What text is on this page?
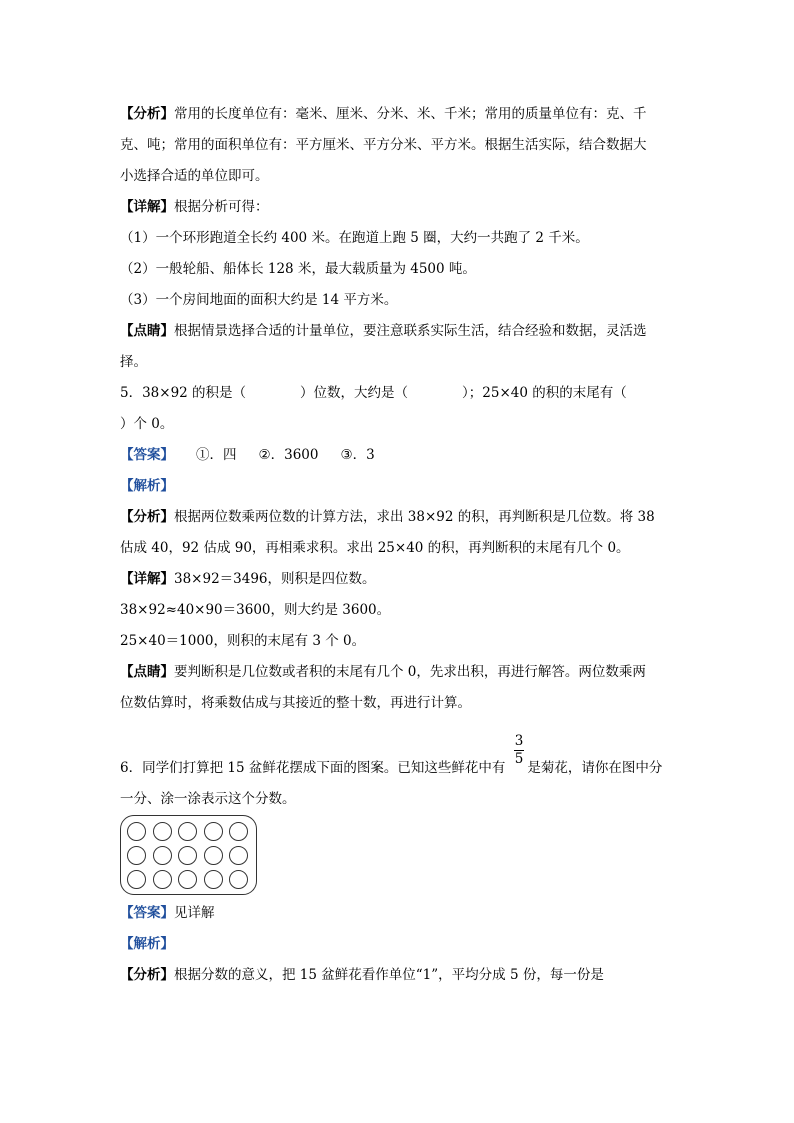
【分析】常用的长度单位有：毫米、厘米、分米、米、千米；常用的质量单位有：克、千
克、吨；常用的面积单位有：平方厘米、平方分米、平方米。根据生活实际，结合数据大
小选择合适的单位即可。
【详解】根据分析可得：
（1）一个环形跑道全长约 400 米。在跑道上跑 5 圈，大约一共跑了 2 千米。
（2）一般轮船、船体长 128 米，最大载质量为 4500 吨。
（3）一个房间地面的面积大约是 14 平方米。
【点睛】根据情景选择合适的计量单位，要注意联系实际生活，结合经验和数据，灵活选
择。
5．38×92 的积是（　　　　）位数，大约是（　　　　）；25×40 的积的末尾有（
）个 0。
【答案】 ①．四 ②．3600 ③．3
【解析】
【分析】根据两位数乘两位数的计算方法，求出 38×92 的积，再判断积是几位数。将 38
估成 40，92 估成 90，再相乘求积。求出 25×40 的积，再判断积的末尾有几个 0。
【详解】38×92＝3496，则积是四位数。
38×92≈40×90＝3600，则大约是 3600。
25×40＝1000，则积的末尾有 3 个 0。
【点睛】要判断积是几位数或者积的末尾有几个 0，先求出积，再进行解答。两位数乘两
位数估算时，将乘数估成与其接近的整十数，再进行计算。
6．同学们打算把 15 盆鲜花摆成下面的图案。已知这些鲜花中有 是菊花，请你在图中分
3
5
一分、涂一涂表示这个分数。
【答案】见详解
【解析】
【分析】根据分数的意义，把 15 盆鲜花看作单位“1”，平均分成 5 份，每一份是
